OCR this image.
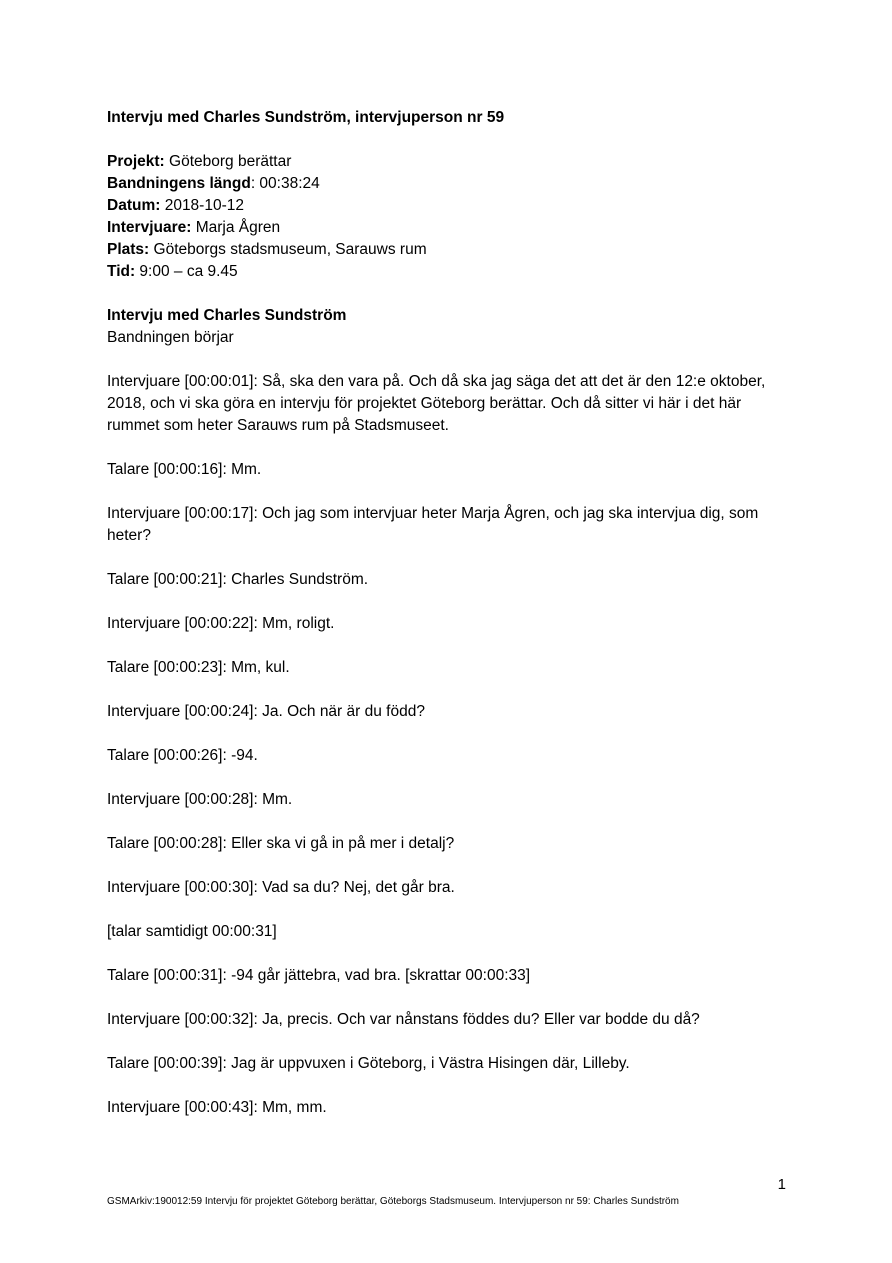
Intervju med Charles Sundström, intervjuperson nr 59

Projekt: Göteborg berättar

Bandningens längd: 00:38:24

Datum: 2018-10-12

Intervjuare: Marja Ågren

Plats: Göteborgs stadsmuseum, Sarauws rum

Tid: 9:00 – ca 9.45

Intervju med Charles Sundström

Bandningen börjar

Intervjuare [00:00:01]: Så, ska den vara på. Och då ska jag säga det att det är den 12:e oktober, 2018, och vi ska göra en intervju för projektet Göteborg berättar. Och då sitter vi här i det här rummet som heter Sarauws rum på Stadsmuseet.

Talare [00:00:16]: Mm.

Intervjuare [00:00:17]: Och jag som intervjuar heter Marja Ågren, och jag ska intervjua dig, som heter?

Talare [00:00:21]: Charles Sundström.

Intervjuare [00:00:22]: Mm, roligt.

Talare [00:00:23]: Mm, kul.

Intervjuare [00:00:24]: Ja. Och när är du född?

Talare [00:00:26]: -94.

Intervjuare [00:00:28]: Mm.

Talare [00:00:28]: Eller ska vi gå in på mer i detalj?

Intervjuare [00:00:30]: Vad sa du? Nej, det går bra.

[talar samtidigt 00:00:31]

Talare [00:00:31]: -94 går jättebra, vad bra. [skrattar 00:00:33]

Intervjuare [00:00:32]: Ja, precis. Och var nånstans föddes du? Eller var bodde du då?

Talare [00:00:39]: Jag är uppvuxen i Göteborg, i Västra Hisingen där, Lilleby.

Intervjuare [00:00:43]: Mm, mm.

1
GSMArkiv:190012:59 Intervju för projektet Göteborg berättar, Göteborgs Stadsmuseum. Intervjuperson nr 59: Charles Sundström
